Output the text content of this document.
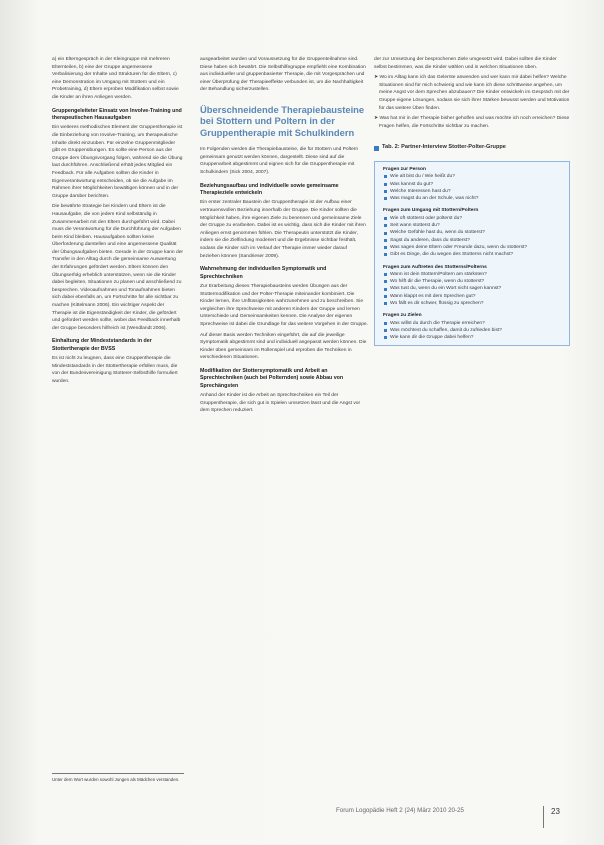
a) ein Elterngespräch in der Kleingruppe mit mehreren Elternteilen, b) eine der Gruppe angemessene Verbalisierung der Inhalte und Strukturen für die Eltern, c) eine Demonstration im Umgang mit Stottern und ein Probetraining, d) Eltern erproben Modifikation selbst sowie die Kinder an ihren Anliegen werden.

Gruppengeleiteter Einsatz von Involve-Training und therapeutischen Hausaufgaben

Ein weiteres methodisches Element der Gruppentherapie ist die Einbeziehung von Involve-Training, um therapeutische Inhalte direkt einzuüben. Für einzelne Gruppenmitglieder gibt es Gruppenübungen. Es sollte eine Person aus der Gruppe dem Übungsvorgang folgen, während sie die Übung laut durchführen. Anschließend erhält jedes Mitglied ein Feedback. Für alle Aufgaben sollten die Kinder in Eigenverantwortung entscheiden, ob sie die Aufgabe im Rahmen ihrer Möglichkeiten bewältigen können und in der Gruppe darüber berichten.

Die bewährte Strategie bei Kindern und Eltern ist die Hausaufgabe, die von jedem Kind selbständig in Zusammenarbeit mit den Eltern durchgeführt wird. Dabei muss die Verantwortung für die Durchführung der Aufgaben beim Kind bleiben. Hausaufgaben sollten keine Überforderung darstellen und eine angemessene Qualität der Übungsaufgaben bieten. Gerade in der Gruppe kann der Transfer in den Alltag durch die gemeinsame Auswertung der Erfahrungen gefördert werden. Eltern können den Übungserfolg erheblich unterstützen, wenn sie die Kinder dabei begleiten, Situationen zu planen und anschließend zu besprechen. Videoaufnahmen und Tonaufnahmen bieten sich dabei ebenfalls an, um Fortschritte für alle sichtbar zu machen (Kittelmann 2006). Ein wichtiger Aspekt der Therapie ist die Eigenständigkeit der Kinder, die gefördert und gefordert werden sollte, wobei das Feedback innerhalb der Gruppe besonders hilfreich ist (Wendlandt 2006).

Einhaltung der Mindeststandards in der Stottertherapie der BVSS

Es ist nicht zu leugnen, dass eine Gruppentherapie die Mindeststandards in der Stottertherapie erfüllen muss, die von der Bundesvereinigung Stotterer-Selbsthilfe formuliert wurden.

Unter dem Wort wurden sowohl Jungen als Mädchen verstanden.

ausgearbeitet wurden und Voraussetzung für die Gruppenteilnahme sind. Diese haben sich bewährt. Die Selbsthilfegruppe empfiehlt eine Kombination aus individueller und gruppenbasierter Therapie, die mit Vorgesprächen und einer Überprüfung der Therapieeffekte verbunden ist, um die Nachhaltigkeit der Behandlung sicherzustellen.

Überschneidende Therapiebausteine bei Stottern und Poltern in der Gruppentherapie mit Schulkindern

Im Folgenden werden die Therapiebausteine, die für Stottern und Poltern gemeinsam genutzt werden können, dargestellt. Diese sind auf die Gruppenarbeit abgestimmt und eignen sich für die Gruppentherapie mit Schulkindern (Sick 2004, 2007).

Beziehungsaufbau und individuelle sowie gemeinsame Therapieziele entwickeln

Ein erster zentraler Baustein der Gruppentherapie ist der Aufbau einer vertrauensvollen Beziehung innerhalb der Gruppe. Die Kinder sollten die Möglichkeit haben, ihre eigenen Ziele zu benennen und gemeinsame Ziele der Gruppe zu erarbeiten. Dabei ist es wichtig, dass sich die Kinder mit ihren Anliegen ernst genommen fühlen. Die Therapeutin unterstützt die Kinder, indem sie die Zielfindung moderiert und die Ergebnisse sichtbar festhält, sodass die Kinder sich im Verlauf der Therapie immer wieder darauf beziehen können (Sandrieser 2009).

Wahrnehmung der individuellen Symptomatik und Sprechtechniken

Zur Erarbeitung dieses Therapiebausteins werden Übungen aus der Stottermodifikation und der Polter-Therapie miteinander kombiniert. Die Kinder lernen, ihre Unflüssigkeiten wahrzunehmen und zu beschreiben. Sie vergleichen ihre Sprechweise mit anderen Kindern der Gruppe und lernen Unterschiede und Gemeinsamkeiten kennen. Die Analyse der eigenen Sprechweise ist dabei die Grundlage für das weitere Vorgehen in der Gruppe.

Auf dieser Basis werden Techniken eingeführt, die auf die jeweilige Symptomatik abgestimmt sind und individuell angepasst werden können. Die Kinder üben gemeinsam im Rollenspiel und erproben die Techniken in verschiedenen Situationen.

Modifikation der Stottersymptomatik und Arbeit an Sprechtechniken (auch bei Polternden) sowie Abbau von Sprechängsten

Anhand der Kinder ist die Arbeit an Sprechtechniken ein Teil der Gruppentherapie, die sich gut in Spielen umsetzen lässt und die Angst vor dem Sprechen reduziert.

der zur Umsetzung der besprochenen Ziele umgesetzt wird. Dabei sollten die Kinder selbst bestimmen, was die Kinder wählen und in welchen Situationen üben.

➤ Wo im Alltag kann ich das Gelernte anwenden und wer kann mir dabei helfen? Welche Situationen sind für mich schwierig und wie kann ich diese schrittweise angehen, um meine Angst vor dem Sprechen abzubauen? Die Kinder entwickeln im Gespräch mit der Gruppe eigene Lösungen, sodass sie sich ihrer Stärken bewusst werden und Motivation für das weitere Üben finden.

➤ Was hat mir in der Therapie bisher geholfen und was möchte ich noch erreichen? Diese Fragen helfen, die Fortschritte sichtbar zu machen.

Tab. 2: Partner-Interview Stotter-Polter-Gruppe
Fragen zur Person
Wie alt bist du / Wie heißt du?
Was kannst du gut?
Welche Interessen hast du?
Was magst du an der Schule, was nicht?
Fragen zum Umgang mit Stottern/Poltern
Wie oft stotterst oder polterst du?
Seit wann stotterst du?
Welche Gefühle hast du, wenn du stotterst?
Sagst du anderen, dass du stotterst?
Was sagen deine Eltern oder Freunde dazu, wenn du stotterst?
Gibt es Dinge, die du wegen des Stotterns nicht machst?
Fragen zum Auftreten des Stotterns/Polterns
Wann ist dein Stottern/Poltern am stärksten?
Wo hilft dir die Therapie, wenn du stotterst?
Was tust du, wenn du ein Wort nicht sagen kannst?
Wann klappt es mit dem Sprechen gut?
Wo fällt es dir schwer, flüssig zu sprechen?
Fragen zu Zielen
Was willst du durch die Therapie erreichen?
Was möchtest du schaffen, damit du zufrieden bist?
Wie kann dir die Gruppe dabei helfen?
Forum Logopädie Heft 2 (24) März 2010 20-25	23
